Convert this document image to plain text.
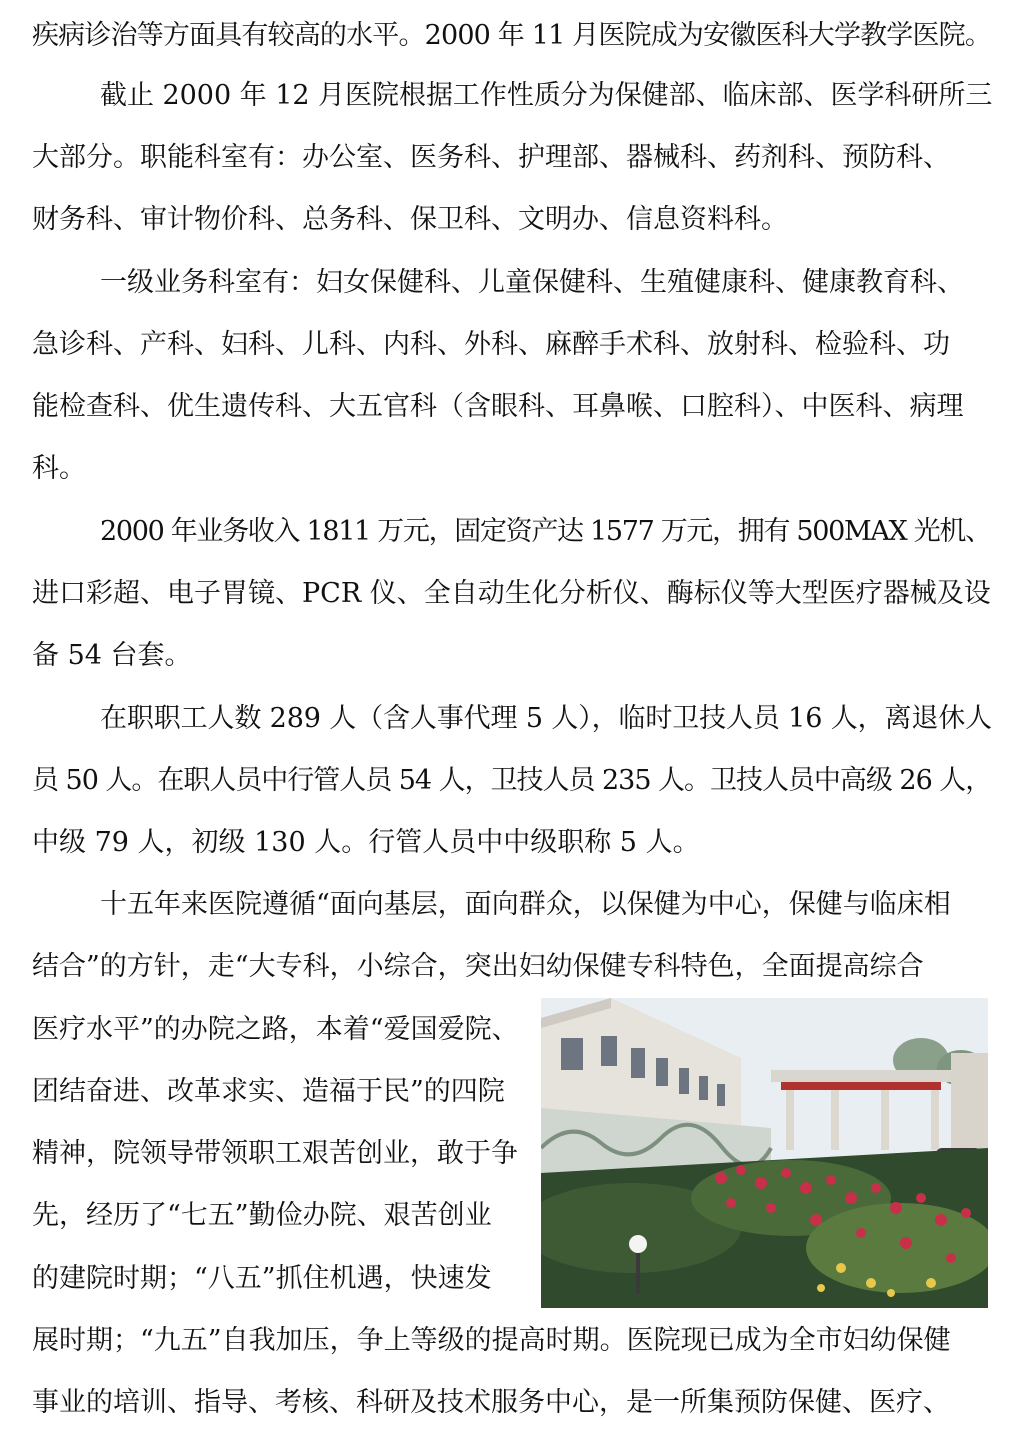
疾病诊治等方面具有较高的水平。2000 年 11 月医院成为安徽医科大学教学医院。
截止 2000 年 12 月医院根据工作性质分为保健部、临床部、医学科研所三
大部分。职能科室有：办公室、医务科、护理部、器械科、药剂科、预防科、
财务科、审计物价科、总务科、保卫科、文明办、信息资料科。
一级业务科室有：妇女保健科、儿童保健科、生殖健康科、健康教育科、
急诊科、产科、妇科、儿科、内科、外科、麻醉手术科、放射科、检验科、功
能检查科、优生遗传科、大五官科（含眼科、耳鼻喉、口腔科）、中医科、病理
科。
2000 年业务收入 1811 万元，固定资产达 1577 万元，拥有 500MAX 光机、
进口彩超、电子胃镜、PCR 仪、全自动生化分析仪、酶标仪等大型医疗器械及设
备 54 台套。
在职职工人数 289 人（含人事代理 5 人），临时卫技人员 16 人，离退休人
员 50 人。在职人员中行管人员 54 人，卫技人员 235 人。卫技人员中高级 26 人，
中级 79 人，初级 130 人。行管人员中中级职称 5 人。
十五年来医院遵循“面向基层，面向群众，以保健为中心，保健与临床相
结合”的方针，走“大专科，小综合，突出妇幼保健专科特色，全面提高综合
医疗水平”的办院之路，本着“爱国爱院、
团结奋进、改革求实、造福于民”的四院
精神，院领导带领职工艰苦创业，敢于争
先，经历了“七五”勤俭办院、艰苦创业
的建院时期；“八五”抓住机遇，快速发
展时期；“九五”自我加压，争上等级的提高时期。医院现已成为全市妇幼保健
事业的培训、指导、考核、科研及技术服务中心，是一所集预防保健、医疗、
